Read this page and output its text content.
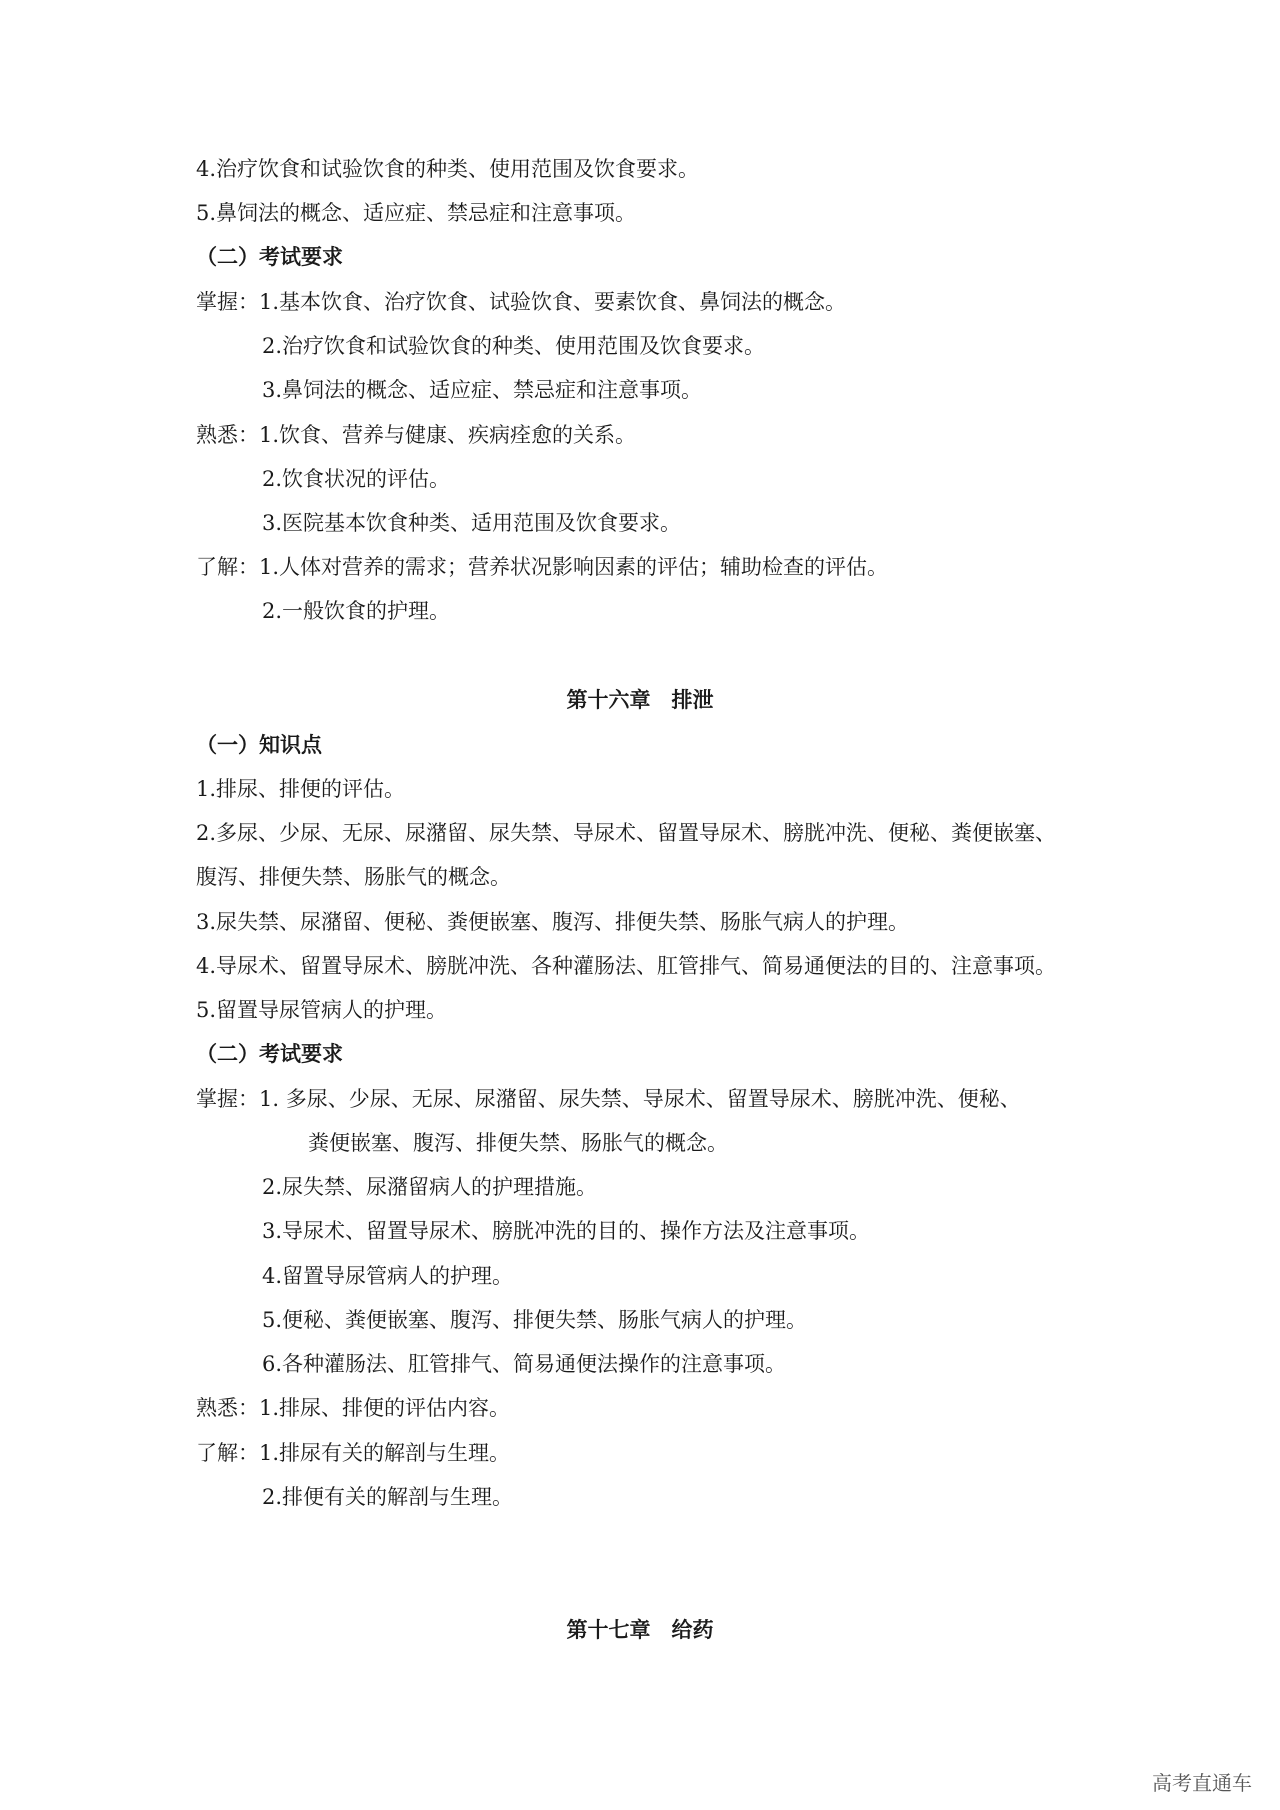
4.治疗饮食和试验饮食的种类、使用范围及饮食要求。
5.鼻饲法的概念、适应症、禁忌症和注意事项。
（二）考试要求
掌握：1.基本饮食、治疗饮食、试验饮食、要素饮食、鼻饲法的概念。
2.治疗饮食和试验饮食的种类、使用范围及饮食要求。
3.鼻饲法的概念、适应症、禁忌症和注意事项。
熟悉：1.饮食、营养与健康、疾病痊愈的关系。
2.饮食状况的评估。
3.医院基本饮食种类、适用范围及饮食要求。
了解：1.人体对营养的需求；营养状况影响因素的评估；辅助检查的评估。
2.一般饮食的护理。
第十六章　排泄
（一）知识点
1.排尿、排便的评估。
2.多尿、少尿、无尿、尿潴留、尿失禁、导尿术、留置导尿术、膀胱冲洗、便秘、粪便嵌塞、
腹泻、排便失禁、肠胀气的概念。
3.尿失禁、尿潴留、便秘、粪便嵌塞、腹泻、排便失禁、肠胀气病人的护理。
4.导尿术、留置导尿术、膀胱冲洗、各种灌肠法、肛管排气、简易通便法的目的、注意事项。
5.留置导尿管病人的护理。
（二）考试要求
掌握：1. 多尿、少尿、无尿、尿潴留、尿失禁、导尿术、留置导尿术、膀胱冲洗、便秘、
粪便嵌塞、腹泻、排便失禁、肠胀气的概念。
2.尿失禁、尿潴留病人的护理措施。
3.导尿术、留置导尿术、膀胱冲洗的目的、操作方法及注意事项。
4.留置导尿管病人的护理。
5.便秘、粪便嵌塞、腹泻、排便失禁、肠胀气病人的护理。
6.各种灌肠法、肛管排气、简易通便法操作的注意事项。
熟悉：1.排尿、排便的评估内容。
了解：1.排尿有关的解剖与生理。
2.排便有关的解剖与生理。
第十七章　给药
高考直通车
